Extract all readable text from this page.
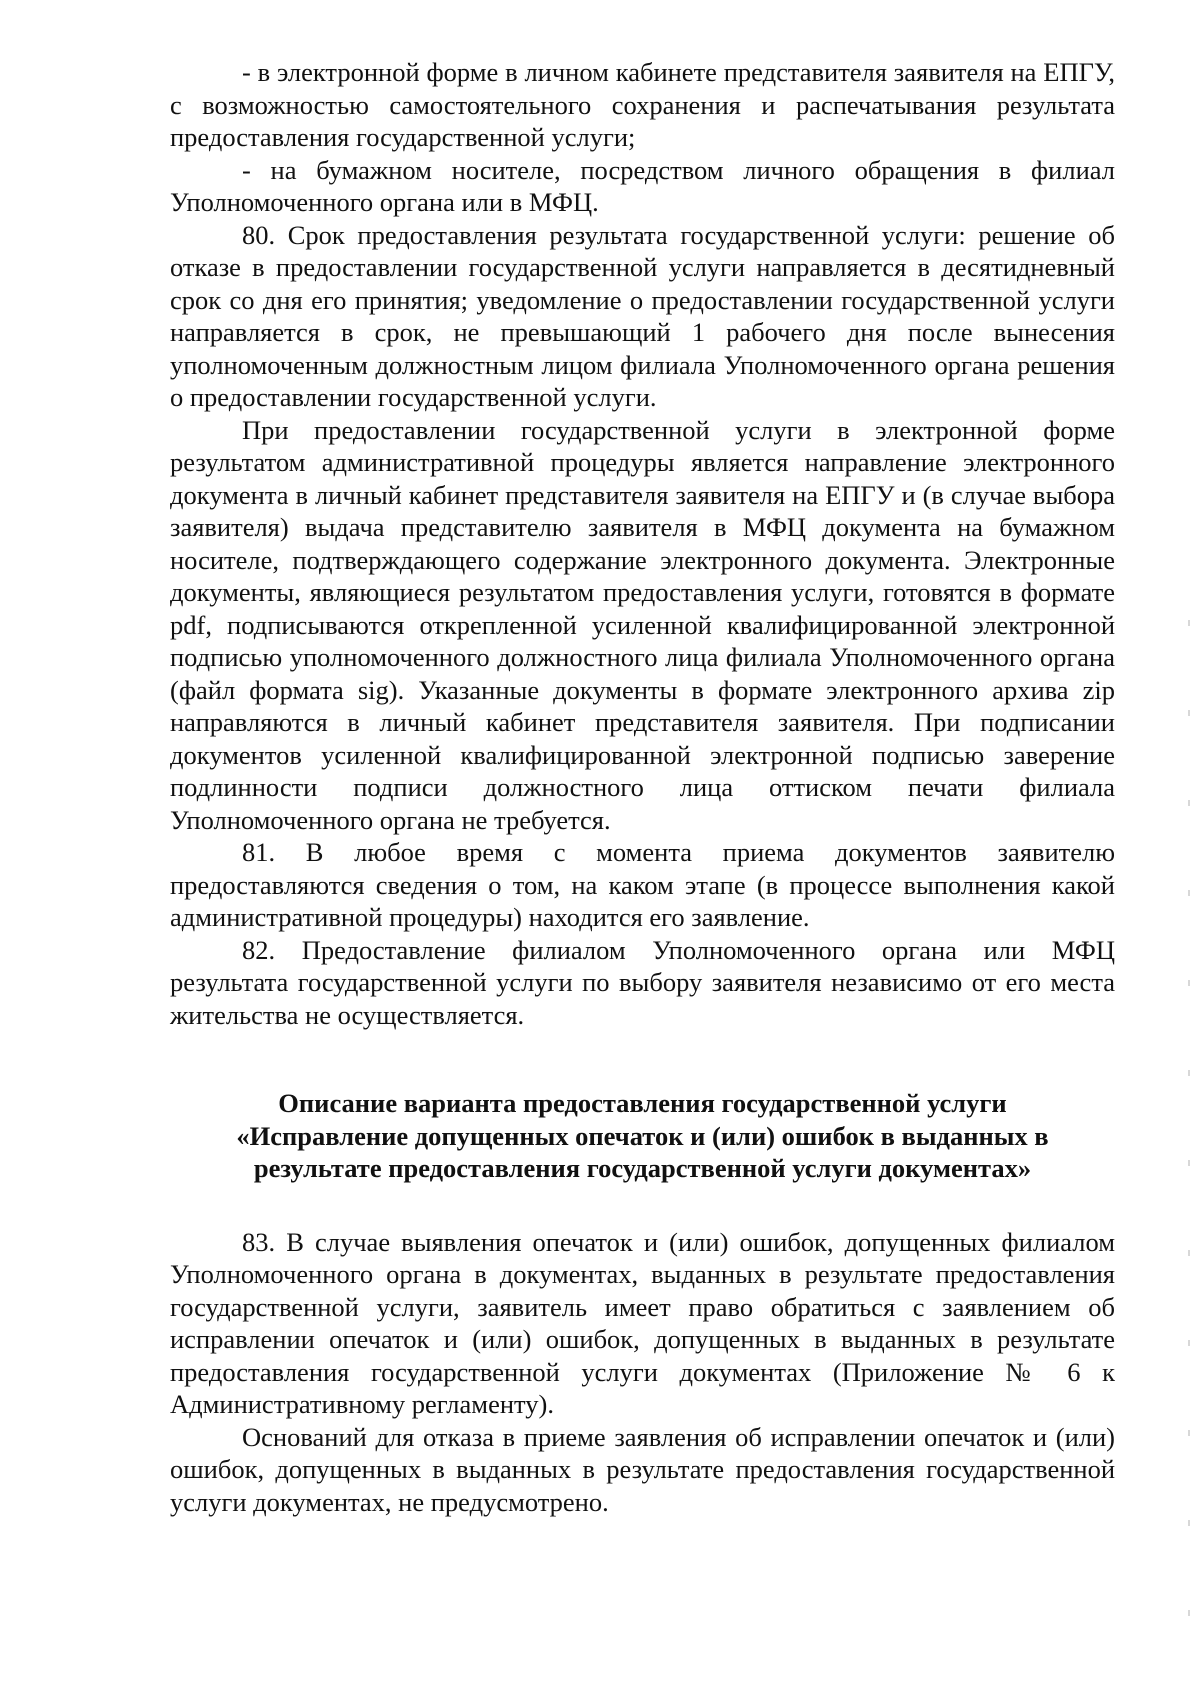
- в электронной форме в личном кабинете представителя заявителя на ЕПГУ, с возможностью самостоятельного сохранения и распечатывания результата предоставления государственной услуги;

- на бумажном носителе, посредством личного обращения в филиал Уполномоченного органа или в МФЦ.

80. Срок предоставления результата государственной услуги: решение об отказе в предоставлении государственной услуги направляется в десятидневный срок со дня его принятия; уведомление о предоставлении государственной услуги направляется в срок, не превышающий 1 рабочего дня после вынесения уполномоченным должностным лицом филиала Уполномоченного органа решения о предоставлении государственной услуги.

При предоставлении государственной услуги в электронной форме результатом административной процедуры является направление электронного документа в личный кабинет представителя заявителя на ЕПГУ и (в случае выбора заявителя) выдача представителю заявителя в МФЦ документа на бумажном носителе, подтверждающего содержание электронного документа. Электронные документы, являющиеся результатом предоставления услуги, готовятся в формате pdf, подписываются открепленной усиленной квалифицированной электронной подписью уполномоченного должностного лица филиала Уполномоченного органа (файл формата sig). Указанные документы в формате электронного архива zip направляются в личный кабинет представителя заявителя. При подписании документов усиленной квалифицированной электронной подписью заверение подлинности подписи должностного лица оттиском печати филиала Уполномоченного органа не требуется.

81. В любое время с момента приема документов заявителю предоставляются сведения о том, на каком этапе (в процессе выполнения какой административной процедуры) находится его заявление.

82. Предоставление филиалом Уполномоченного органа или МФЦ результата государственной услуги по выбору заявителя независимо от его места жительства не осуществляется.

Описание варианта предоставления государственной услуги
«Исправление допущенных опечаток и (или) ошибок в выданных в
результате предоставления государственной услуги документах»

83. В случае выявления опечаток и (или) ошибок, допущенных филиалом Уполномоченного органа в документах, выданных в результате предоставления государственной услуги, заявитель имеет право обратиться с заявлением об исправлении опечаток и (или) ошибок, допущенных в выданных в результате предоставления государственной услуги документах (Приложение № 6 к Административному регламенту).

Оснований для отказа в приеме заявления об исправлении опечаток и (или) ошибок, допущенных в выданных в результате предоставления государственной услуги документах, не предусмотрено.
